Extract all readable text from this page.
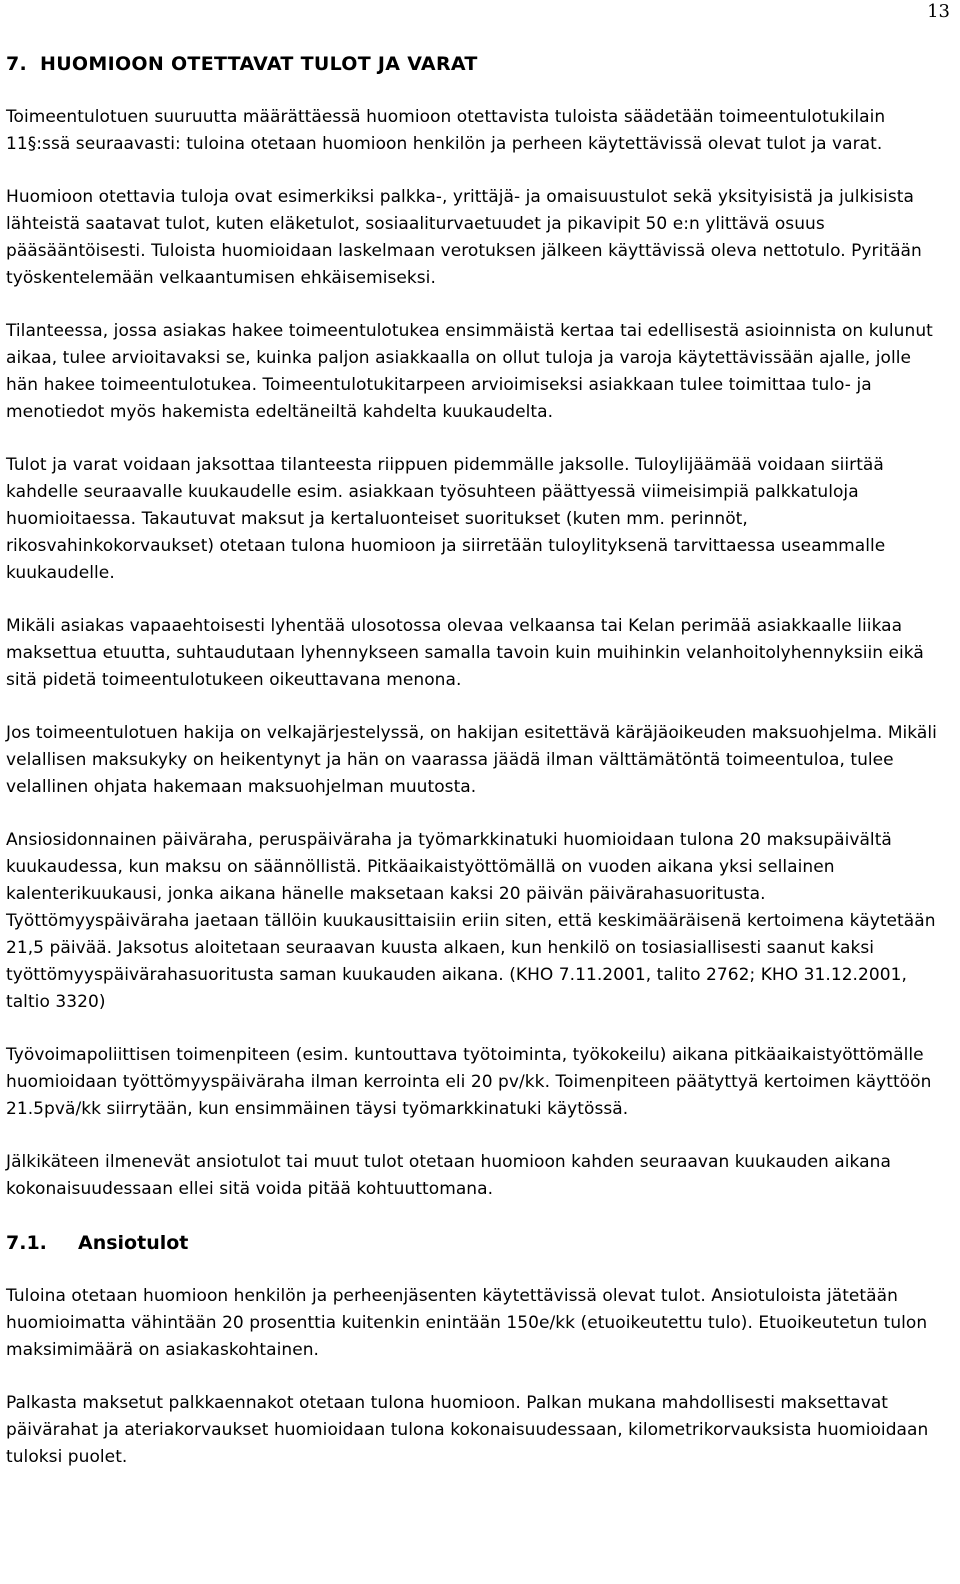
13
7. HUOMIOON OTETTAVAT TULOT JA VARAT

Toimeentulotuen suuruutta määrättäessä huomioon otettavista tuloista säädetään toimeentulotukilain 11§:ssä seuraavasti: tuloina otetaan huomioon henkilön ja perheen käytettävissä olevat tulot ja varat.

Huomioon otettavia tuloja ovat esimerkiksi palkka-, yrittäjä- ja omaisuustulot sekä yksityisistä ja julkisista lähteistä saatavat tulot, kuten eläketulot, sosiaaliturvaetuudet ja pikavipit 50 e:n ylittävä osuus pääsääntöisesti. Tuloista huomioidaan laskelmaan verotuksen jälkeen käyttävissä oleva nettotulo. Pyritään työskentelemään velkaantumisen ehkäisemiseksi.

Tilanteessa, jossa asiakas hakee toimeentulotukea ensimmäistä kertaa tai edellisestä asioinnista on kulunut aikaa, tulee arvioitavaksi se, kuinka paljon asiakkaalla on ollut tuloja ja varoja käytettävissään ajalle, jolle hän hakee toimeentulotukea. Toimeentulotukitarpeen arvioimiseksi asiakkaan tulee toimittaa tulo- ja menotiedot myös hakemista edeltäneiltä kahdelta kuukaudelta.

Tulot ja varat voidaan jaksottaa tilanteesta riippuen pidemmälle jaksolle. Tuloylijäämää voidaan siirtää kahdelle seuraavalle kuukaudelle esim. asiakkaan työsuhteen päättyessä viimeisimpiä palkkatuloja huomioitaessa. Takautuvat maksut ja kertaluonteiset suoritukset (kuten mm. perinnöt, rikosvahinkokorvaukset) otetaan tulona huomioon ja siirretään tuloylityksenä tarvittaessa useammalle kuukaudelle.

Mikäli asiakas vapaaehtoisesti lyhentää ulosotossa olevaa velkaansa tai Kelan perimää asiakkaalle liikaa maksettua etuutta, suhtaudutaan lyhennykseen samalla tavoin kuin muihinkin velanhoitolyhennyksiin eikä sitä pidetä toimeentulotukeen oikeuttavana menona.

Jos toimeentulotuen hakija on velkajärjestelyssä, on hakijan esitettävä käräjäoikeuden maksuohjelma. Mikäli velallisen maksukyky on heikentynyt ja hän on vaarassa jäädä ilman välttämätöntä toimeentuloa, tulee velallinen ohjata hakemaan maksuohjelman muutosta.

Ansiosidonnainen päiväraha, peruspäiväraha ja työmarkkinatuki huomioidaan tulona 20 maksupäivältä kuukaudessa, kun maksu on säännöllistä. Pitkäaikaistyöttömällä on vuoden aikana yksi sellainen kalenterikuukausi, jonka aikana hänelle maksetaan kaksi 20 päivän päivärahasuoritusta. Työttömyyspäiväraha jaetaan tällöin kuukausittaisiin eriin siten, että keskimääräisenä kertoimena käytetään 21,5 päivää. Jaksotus aloitetaan seuraavan kuusta alkaen, kun henkilö on tosiasiallisesti saanut kaksi työttömyyspäivärahasuoritusta saman kuukauden aikana. (KHO 7.11.2001, talito 2762; KHO 31.12.2001, taltio 3320)

Työvoimapoliittisen toimenpiteen (esim. kuntouttava työtoiminta, työkokeilu) aikana pitkäaikaistyöttömälle huomioidaan työttömyyspäiväraha ilman kerrointa eli 20 pv/kk. Toimenpiteen päätyttyä kertoimen käyttöön 21.5pvä/kk siirrytään, kun ensimmäinen täysi työmarkkinatuki käytössä.

Jälkikäteen ilmenevät ansiotulot tai muut tulot otetaan huomioon kahden seuraavan kuukauden aikana kokonaisuudessaan ellei sitä voida pitää kohtuuttomana.

7.1. Ansiotulot

Tuloina otetaan huomioon henkilön ja perheenjäsenten käytettävissä olevat tulot. Ansiotuloista jätetään huomioimatta vähintään 20 prosenttia kuitenkin enintään 150e/kk (etuoikeutettu tulo). Etuoikeutetun tulon maksimimäärä on asiakaskohtainen.

Palkasta maksetut palkkaennakot otetaan tulona huomioon. Palkan mukana mahdollisesti maksettavat päivärahat ja ateriakorvaukset huomioidaan tulona kokonaisuudessaan, kilometrikorvauksista huomioidaan tuloksi puolet.
